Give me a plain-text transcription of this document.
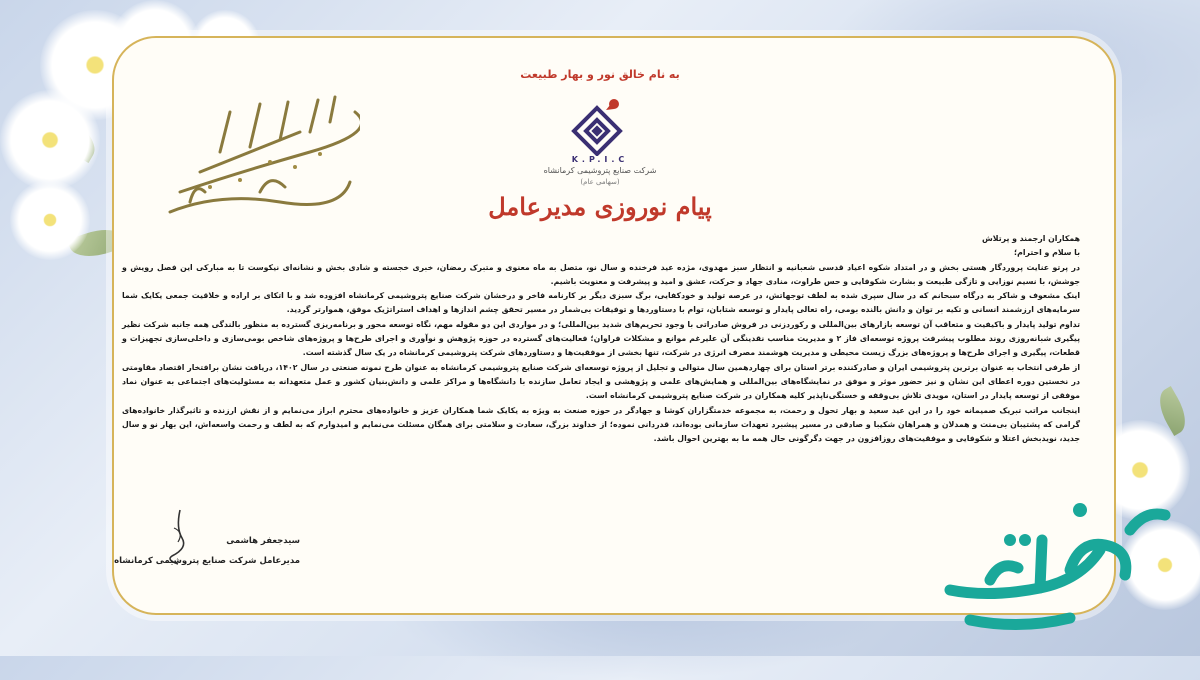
به نام خالق نور و بهار طبیعت
K.P.I.C
شرکت صنایع پتروشیمی کرمانشاه
(سهامی عام)
پیام نوروزی مدیرعامل

همکاران ارجمند و پرتلاش

با سلام و احترام؛

در پرتو عنایت پروردگار هستی بخش و در امتداد شکوه اعیاد قدسی شعبانیه و انتظار سبز مهدوی، مژده عید فرخنده و سال نو، متصل به ماه معنوی و متبرک رمضان، خبری خجسته و شادی بخش و نشانه‌ای نیکوست تا به مبارکی این فصل رویش و جوشش، با نسیم نوزایی و تازگی طبیعت و بشارت شکوفایی و حس طراوت، منادی جهاد و حرکت، عشق و امید و پیشرفت و معنویت باشیم.

اینک مشعوف و شاکر به درگاه سبحانم که در سال سپری شده به لطف توجهاتش، در عرصه تولید و خودکفایی، برگ سبزی دیگر بر کارنامه فاخر و درخشان شرکت صنایع پتروشیمی کرمانشاه افزوده شد و با اتکای بر اراده و خلاقیت جمعی یکایک شما سرمایه‌های ارزشمند انسانی و تکیه بر توان و دانش بالنده بومی، راه تعالی پایدار و توسعه شتابان، توام با دستاوردها و توفیقات بی‌شمار در مسیر تحقق چشم اندازها و اهداف استراتژیک موفق، هموارتر گردید.

تداوم تولید پایدار و باکیفیت و متعاقب آن توسعه بازارهای بین‌المللی و رکوردزنی در فروش صادراتی با وجود تحریم‌های شدید بین‌المللی؛ و در مواردی این دو مقوله مهم، نگاه توسعه محور و برنامه‌ریزی گسترده به منظور بالندگی همه جانبه شرکت نظیر پیگیری شبانه‌روزی روند مطلوب پیشرفت پروژه توسعه‌ای فاز ۲ و مدیریت مناسب نقدینگی آن علیرغم موانع و مشکلات فراوان؛ فعالیت‌های گسترده در حوزه پژوهش و نوآوری و اجرای طرح‌ها و پروژه‌های شاخص بومی‌سازی و داخلی‌سازی تجهیزات و قطعات، پیگیری و اجرای طرح‌ها و پروژه‌های بزرگ زیست محیطی و مدیریت هوشمند مصرف انرژی در شرکت، تنها بخشی از موفقیت‌ها و دستاوردهای شرکت پتروشیمی کرمانشاه در یک سال گذشته است.

از طرفی انتخاب به عنوان برترین پتروشیمی ایران و صادرکننده برتر استان برای چهاردهمین سال متوالی و تجلیل از پروژه توسعه‌ای شرکت صنایع پتروشیمی کرمانشاه به عنوان طرح نمونه صنعتی در سال ۱۴۰۲، دریافت نشان برافتخار اقتصاد مقاومتی در نخستین دوره اعطای این نشان و نیز حضور موثر و موفق در نمایشگاه‌های بین‌المللی و همایش‌های علمی و پژوهشی و ایجاد تعامل سازنده با دانشگاه‌ها و مراکز علمی و دانش‌بنیان کشور و عمل متعهدانه به مسئولیت‌های اجتماعی به عنوان نماد موفقی از توسعه پایدار در استان، مویدی تلاش بی‌وقفه و خستگی‌ناپذیر کلیه همکاران در شرکت صنایع پتروشیمی کرمانشاه است.

اینجانب مراتب تبریک صمیمانه خود را در این عید سعید و بهار تحول و رحمت، به مجموعه خدمتگزاران کوشا و جهادگر در حوزه صنعت به ویژه به یکایک شما همکاران عزیز و خانواده‌های محترم ابراز می‌نمایم و از نقش ارزنده و تاثیرگذار خانواده‌های گرامی که پشتیبان بی‌منت و همدلان و همراهان شکیبا و صادقی در مسیر پیشبرد تعهدات سازمانی بوده‌اند، قدردانی نموده‌؛ از خداوند بزرگ، سعادت و سلامتی برای همگان مسئلت می‌نمایم و امیدوارم که به لطف و رحمت واسعه‌اش، این بهار نو و سال جدید، نویدبخش اعتلا و شکوفایی و موفقیت‌های روزافزون در جهت دگرگونی حال همه ما به بهترین احوال باشد.

سیدجعفر هاشمی
مدیرعامل شرکت صنایع پتروشیمی کرمانشاه
